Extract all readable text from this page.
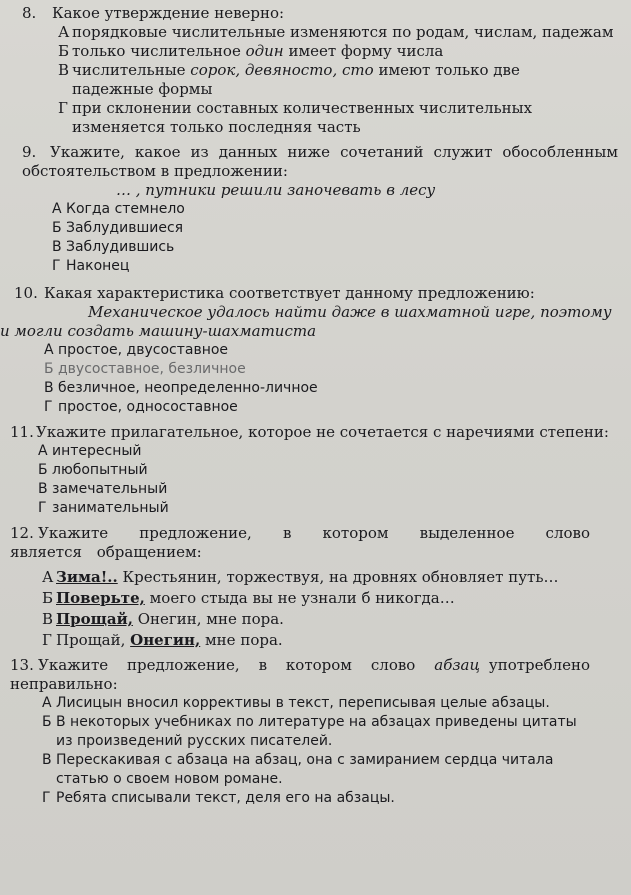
8. Какое утверждение неверно:
А порядковые числительные изменяются по родам, числам, падежам
Б только числительное один имеет форму числа
В числительные сорок, девяносто, сто имеют только две падежные формы
Г при склонении составных количественных числительных изменяется только последняя часть
9. Укажите, какое из данных ниже сочетаний служит обособленным обстоятельством в предложении:
… , путники решили заночевать в лесу
А Когда стемнело
Б Заблудившиеся
В Заблудившись
Г Наконец
10. Какая характеристика соответствует данному предложению:
Механическое удалось найти даже в шахматной игре, поэтому и могли создать машину-шахматиста
А простое, двусоставное
Б двусоставное, безличное
В безличное, неопределенно-личное
Г простое, односоставное
11. Укажите прилагательное, которое не сочетается с наречиями степени:
А интересный
Б любопытный
В замечательный
Г занимательный
12. Укажите предложение, в котором выделенное слово является обращением:
А Зима!.. Крестьянин, торжествуя, на дровнях обновляет путь…
Б Поверьте, моего стыда вы не узнали б никогда…
В Прощай, Онегин, мне пора.
Г Прощай, Онегин, мне пора.
13. Укажите предложение, в котором слово абзац употреблено неправильно:
А Лисицын вносил коррективы в текст, переписывая целые абзацы.
Б В некоторых учебниках по литературе на абзацах приведены цитаты из произведений русских писателей.
В Перескакивая с абзаца на абзац, она с замиранием сердца читала статью о своем новом романе.
Г Ребята списывали текст, деля его на абзацы.
